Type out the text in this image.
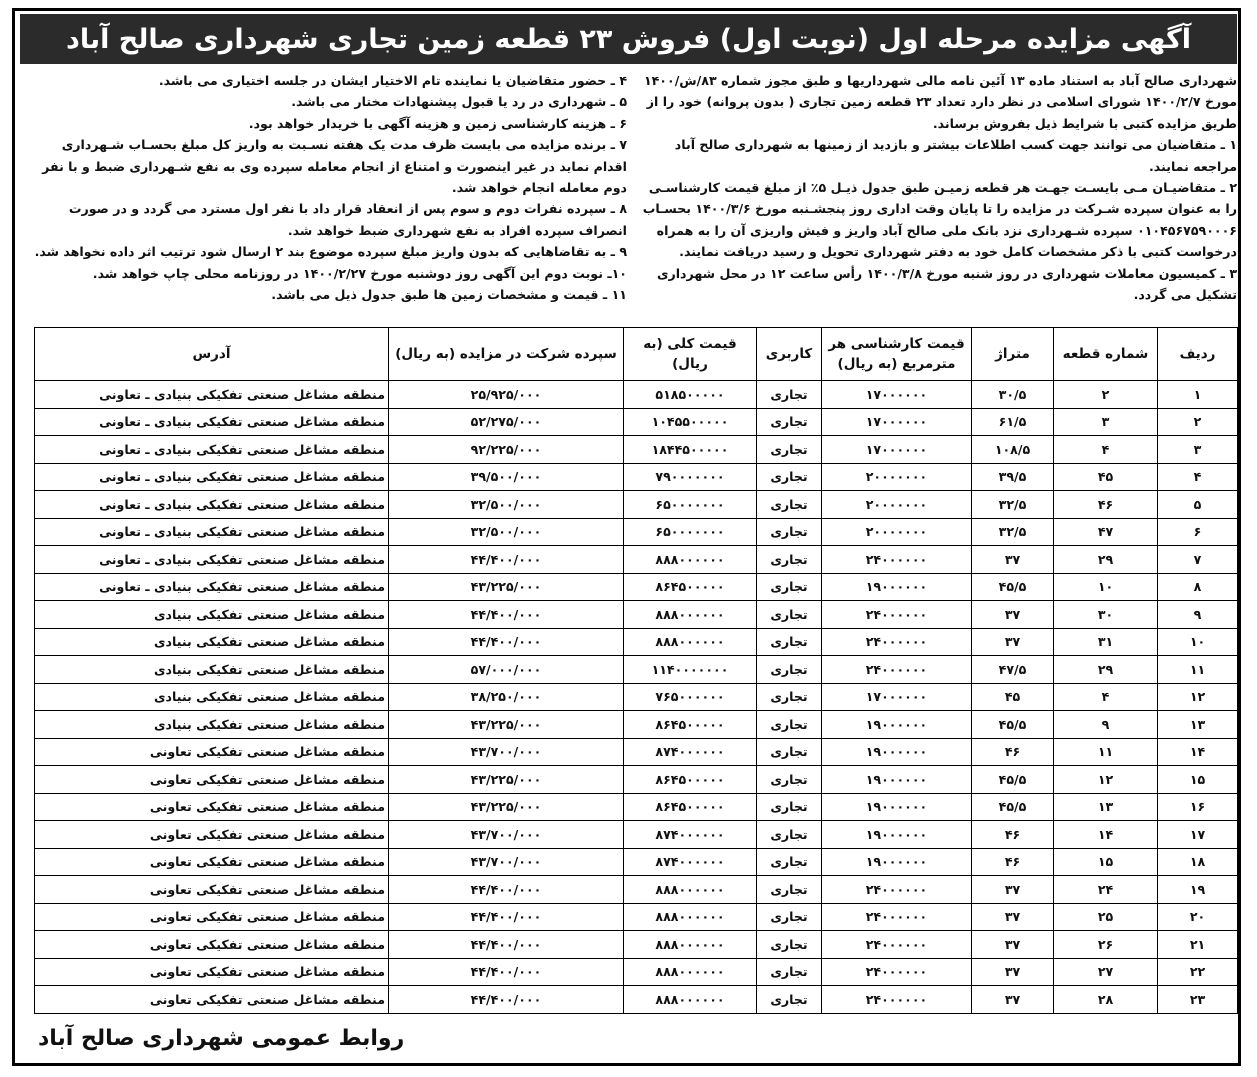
آگهی مزایده مرحله اول (نوبت اول) فروش ۲۳ قطعه زمین تجاری شهرداری صالح آباد

شهرداری صالح آباد به استناد ماده ۱۳ آئین نامه مالی شهرداریها و طبق مجوز شماره ۸۳/ش/۱۴۰۰ مورخ ۱۴۰۰/۲/۷ شورای اسلامی در نظر دارد تعداد ۲۳ قطعه زمین تجاری ( بدون پروانه) خود را از طریق مزایده کتبی با شرایط ذیل بفروش برساند.

۱ ـ متقاضیان می توانند جهت کسب اطلاعات بیشتر و بازدید از زمینها به شهرداری صالح آباد مراجعه نمایند.

۲ ـ متقاضیـان مـی بایسـت جهـت هر قطعه زمیـن طبق جدول ذیـل ۵٪ از مبلغ قیمت کارشناسـی را به عنوان سپرده شـرکت در مزایده را تا پایان وقت اداری روز پنجشـنبه مورخ ۱۴۰۰/۳/۶ بحسـاب ۰۱۰۴۵۶۷۵۹۰۰۰۶ سپرده شـهرداری نزد بانک ملی صالح آباد واریز و فیش واریزی آن را به همراه درخواست کتبی با ذکر مشخصات کامل خود به دفتر شهرداری تحویل و رسید دریافت نمایند.

۳ ـ کمیسیون معاملات شهرداری در روز شنبه مورخ ۱۴۰۰/۳/۸ رأس ساعت ۱۲ در محل شهرداری تشکیل می گردد.

۴ ـ حضور متقاضیان یا نماینده تام الاختیار ایشان در جلسه اختیاری می باشد.

۵ ـ شهرداری در رد یا قبول پیشنهادات مختار می باشد.

۶ ـ هزینه کارشناسی زمین و هزینه آگهی با خریدار خواهد بود.

۷ ـ برنده مزایده می بایست ظرف مدت یک هفته نسـبت به واریز کل مبلغ بحسـاب شـهرداری اقدام نماید در غیر اینصورت و امتناع از انجام معامله سپرده وی به نفع شـهرداری ضبط و با نفر دوم معامله انجام خواهد شد.

۸ ـ سپرده نفرات دوم و سوم پس از انعقاد قرار داد با نفر اول مسترد می گردد و در صورت انصراف سپرده افراد به نفع شهرداری ضبط خواهد شد.

۹ ـ به تقاضاهایی که بدون واریز مبلغ سپرده موضوع بند ۲ ارسال شود ترتیب اثر داده نخواهد شد.

۱۰ـ نوبت دوم این آگهی روز دوشنبه مورخ ۱۴۰۰/۲/۲۷ در روزنامه محلی چاپ خواهد شد.

۱۱ ـ قیمت و مشخصات زمین ها طبق جدول ذیل می باشد.

ردیف	شماره قطعه	متراژ	قیمت کارشناسی هر مترمربع (به ریال)	کاربری	قیمت کلی (به ریال)	سپرده شرکت در مزایده (به ریال)	آدرس
۱	۲	۳۰/۵	۱۷۰۰۰۰۰۰	تجاری	۵۱۸۵۰۰۰۰۰	۲۵/۹۲۵/۰۰۰	منطقه مشاغل صنعتی تفکیکی بنیادی ـ تعاونی
۲	۳	۶۱/۵	۱۷۰۰۰۰۰۰	تجاری	۱۰۴۵۵۰۰۰۰۰	۵۲/۲۷۵/۰۰۰	منطقه مشاغل صنعتی تفکیکی بنیادی ـ تعاونی
۳	۴	۱۰۸/۵	۱۷۰۰۰۰۰۰	تجاری	۱۸۴۴۵۰۰۰۰۰	۹۲/۲۲۵/۰۰۰	منطقه مشاغل صنعتی تفکیکی بنیادی ـ تعاونی
۴	۴۵	۳۹/۵	۲۰۰۰۰۰۰۰	تجاری	۷۹۰۰۰۰۰۰۰	۳۹/۵۰۰/۰۰۰	منطقه مشاغل صنعتی تفکیکی بنیادی ـ تعاونی
۵	۴۶	۳۲/۵	۲۰۰۰۰۰۰۰	تجاری	۶۵۰۰۰۰۰۰۰	۳۲/۵۰۰/۰۰۰	منطقه مشاغل صنعتی تفکیکی بنیادی ـ تعاونی
۶	۴۷	۳۲/۵	۲۰۰۰۰۰۰۰	تجاری	۶۵۰۰۰۰۰۰۰	۳۲/۵۰۰/۰۰۰	منطقه مشاغل صنعتی تفکیکی بنیادی ـ تعاونی
۷	۲۹	۳۷	۲۴۰۰۰۰۰۰	تجاری	۸۸۸۰۰۰۰۰۰	۴۴/۴۰۰/۰۰۰	منطقه مشاغل صنعتی تفکیکی بنیادی ـ تعاونی
۸	۱۰	۴۵/۵	۱۹۰۰۰۰۰۰	تجاری	۸۶۴۵۰۰۰۰۰	۴۳/۲۲۵/۰۰۰	منطقه مشاغل صنعتی تفکیکی بنیادی ـ تعاونی
۹	۳۰	۳۷	۲۴۰۰۰۰۰۰	تجاری	۸۸۸۰۰۰۰۰۰	۴۴/۴۰۰/۰۰۰	منطقه مشاغل صنعتی تفکیکی بنیادی
۱۰	۳۱	۳۷	۲۴۰۰۰۰۰۰	تجاری	۸۸۸۰۰۰۰۰۰	۴۴/۴۰۰/۰۰۰	منطقه مشاغل صنعتی تفکیکی بنیادی
۱۱	۲۹	۴۷/۵	۲۴۰۰۰۰۰۰	تجاری	۱۱۴۰۰۰۰۰۰۰	۵۷/۰۰۰/۰۰۰	منطقه مشاغل صنعتی تفکیکی بنیادی
۱۲	۴	۴۵	۱۷۰۰۰۰۰۰	تجاری	۷۶۵۰۰۰۰۰۰	۳۸/۲۵۰/۰۰۰	منطقه مشاغل صنعتی تفکیکی بنیادی
۱۳	۹	۴۵/۵	۱۹۰۰۰۰۰۰	تجاری	۸۶۴۵۰۰۰۰۰	۴۳/۲۲۵/۰۰۰	منطقه مشاغل صنعتی تفکیکی بنیادی
۱۴	۱۱	۴۶	۱۹۰۰۰۰۰۰	تجاری	۸۷۴۰۰۰۰۰۰	۴۳/۷۰۰/۰۰۰	منطقه مشاغل صنعتی تفکیکی تعاونی
۱۵	۱۲	۴۵/۵	۱۹۰۰۰۰۰۰	تجاری	۸۶۴۵۰۰۰۰۰	۴۳/۲۲۵/۰۰۰	منطقه مشاغل صنعتی تفکیکی تعاونی
۱۶	۱۳	۴۵/۵	۱۹۰۰۰۰۰۰	تجاری	۸۶۴۵۰۰۰۰۰	۴۳/۲۲۵/۰۰۰	منطقه مشاغل صنعتی تفکیکی تعاونی
۱۷	۱۴	۴۶	۱۹۰۰۰۰۰۰	تجاری	۸۷۴۰۰۰۰۰۰	۴۳/۷۰۰/۰۰۰	منطقه مشاغل صنعتی تفکیکی تعاونی
۱۸	۱۵	۴۶	۱۹۰۰۰۰۰۰	تجاری	۸۷۴۰۰۰۰۰۰	۴۳/۷۰۰/۰۰۰	منطقه مشاغل صنعتی تفکیکی تعاونی
۱۹	۲۴	۳۷	۲۴۰۰۰۰۰۰	تجاری	۸۸۸۰۰۰۰۰۰	۴۴/۴۰۰/۰۰۰	منطقه مشاغل صنعتی تفکیکی تعاونی
۲۰	۲۵	۳۷	۲۴۰۰۰۰۰۰	تجاری	۸۸۸۰۰۰۰۰۰	۴۴/۴۰۰/۰۰۰	منطقه مشاغل صنعتی تفکیکی تعاونی
۲۱	۲۶	۳۷	۲۴۰۰۰۰۰۰	تجاری	۸۸۸۰۰۰۰۰۰	۴۴/۴۰۰/۰۰۰	منطقه مشاغل صنعتی تفکیکی تعاونی
۲۲	۲۷	۳۷	۲۴۰۰۰۰۰۰	تجاری	۸۸۸۰۰۰۰۰۰	۴۴/۴۰۰/۰۰۰	منطقه مشاغل صنعتی تفکیکی تعاونی
۲۳	۲۸	۳۷	۲۴۰۰۰۰۰۰	تجاری	۸۸۸۰۰۰۰۰۰	۴۴/۴۰۰/۰۰۰	منطقه مشاغل صنعتی تفکیکی تعاونی
روابط عمومی شهرداری صالح آباد
